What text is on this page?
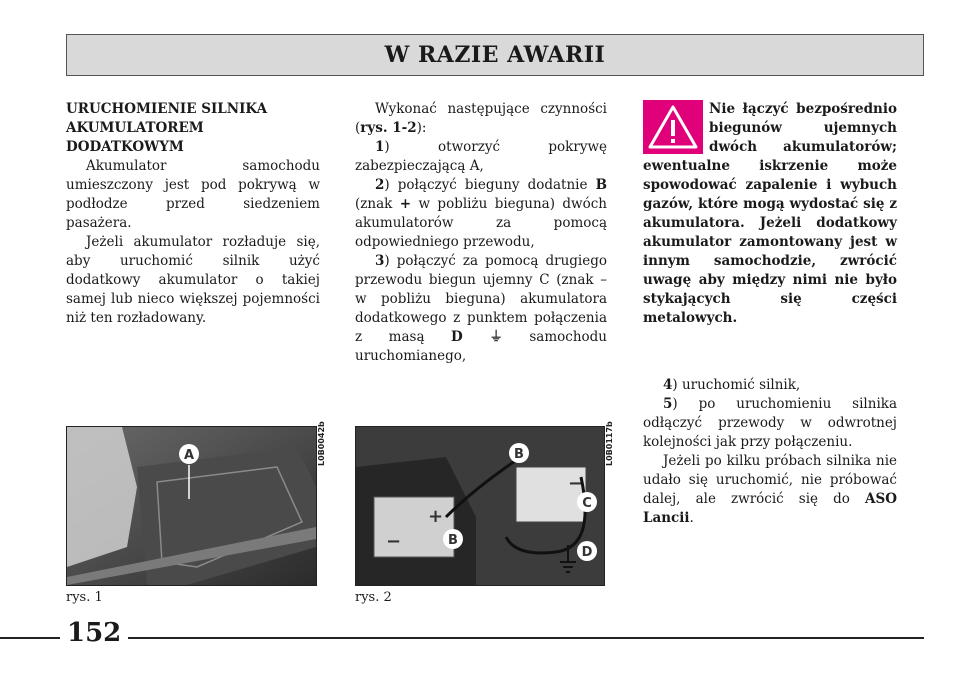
W RAZIE AWARII

URUCHOMIENIE SILNIKA AKUMULATOREM DODATKOWYM

Akumulator samochodu umieszczony jest pod pokrywą w podłodze przed siedzeniem pasażera.

Jeżeli akumulator rozładuje się, aby uruchomić silnik użyć dodatkowy akumulator o takiej samej lub nieco większej pojemności niż ten rozładowany.

Wykonać następujące czynności (rys. 1-2):

1) otworzyć pokrywę zabezpieczającą A,

2) połączyć bieguny dodatnie B (znak + w pobliżu bieguna) dwóch akumulatorów za pomocą odpowiedniego przewodu,

3) połączyć za pomocą drugiego przewodu biegun ujemny C (znak – w pobliżu bieguna) akumulatora dodatkowego z punktem połączenia z masą D ⏚ samochodu uruchomianego,

Nie łączyć bezpośrednio biegunów ujemnych dwóch akumulatorów; ewentualne iskrzenie może spowodować zapalenie i wybuch gazów, które mogą wydostać się z akumulatora. Jeżeli dodatkowy akumulator zamontowany jest w innym samochodzie, zwrócić uwagę aby między nimi nie było stykających się części metalowych.

4) uruchomić silnik,

5) po uruchomieniu silnika odłączyć przewody w odwrotnej kolejności jak przy połączeniu.

Jeżeli po kilku próbach silnika nie udało się uruchomić, nie próbować dalej, ale zwrócić się do ASO Lancii.

A	L0B0042b
rys. 1
−
+
−
B
B
C
D
L0B0117b
rys. 2
152
